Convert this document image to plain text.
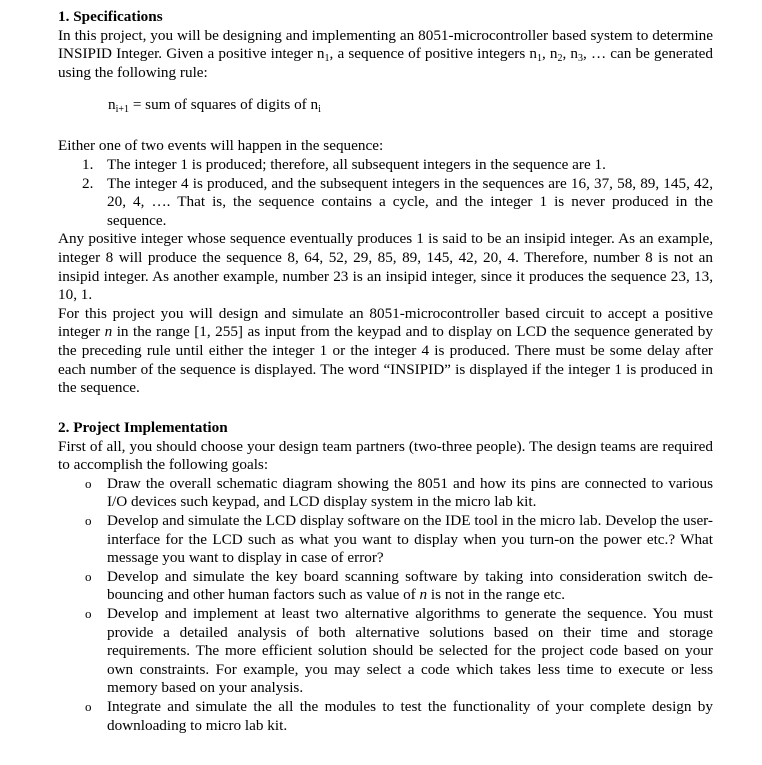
1. Specifications

In this project, you will be designing and implementing an 8051-microcontroller based system to determine INSIPID Integer. Given a positive integer $n_1$, a sequence of positive integers $n_1$, $n_2$, $n_3$, … can be generated using the following rule:

$n_{i+1}$ = sum of squares of digits of $n_i$

Either one of two events will happen in the sequence:

1. The integer 1 is produced; therefore, all subsequent integers in the sequence are 1.
2. The integer 4 is produced, and the subsequent integers in the sequences are 16, 37, 58, 89, 145, 42, 20, 4, …. That is, the sequence contains a cycle, and the integer 1 is never produced in the sequence.

Any positive integer whose sequence eventually produces 1 is said to be an insipid integer. As an example, integer 8 will produce the sequence 8, 64, 52, 29, 85, 89, 145, 42, 20, 4. Therefore, number 8 is not an insipid integer. As another example, number 23 is an insipid integer, since it produces the sequence 23, 13, 10, 1.

For this project you will design and simulate an 8051-microcontroller based circuit to accept a positive integer n in the range [1, 255] as input from the keypad and to display on LCD the sequence generated by the preceding rule until either the integer 1 or the integer 4 is produced. There must be some delay after each number of the sequence is displayed. The word “INSIPID” is displayed if the integer 1 is produced in the sequence.

2. Project Implementation

First of all, you should choose your design team partners (two-three people). The design teams are required to accomplish the following goals:

o Draw the overall schematic diagram showing the 8051 and how its pins are connected to various I/O devices such keypad, and LCD display system in the micro lab kit.
o Develop and simulate the LCD display software on the IDE tool in the micro lab. Develop the user-interface for the LCD such as what you want to display when you turn-on the power etc.? What message you want to display in case of error?
o Develop and simulate the key board scanning software by taking into consideration switch de-bouncing and other human factors such as value of n is not in the range etc.
o Develop and implement at least two alternative algorithms to generate the sequence. You must provide a detailed analysis of both alternative solutions based on their time and storage requirements. The more efficient solution should be selected for the project code based on your own constraints. For example, you may select a code which takes less time to execute or less memory based on your analysis.
o Integrate and simulate the all the modules to test the functionality of your complete design by downloading to micro lab kit.
